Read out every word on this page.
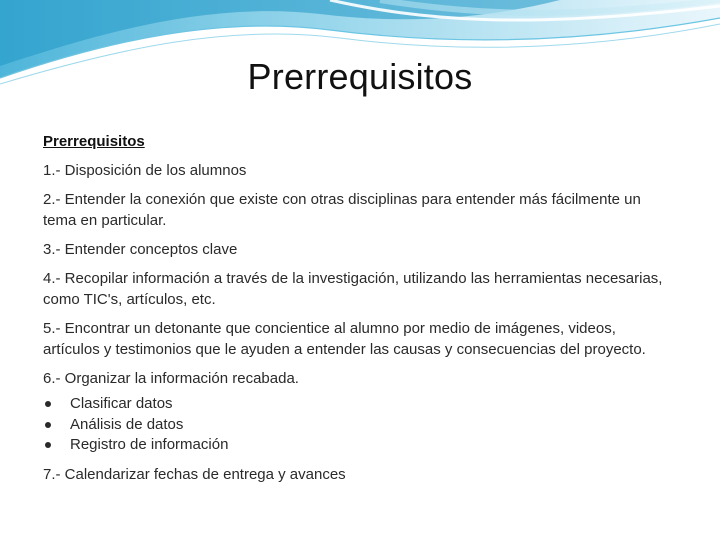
Prerrequisitos
Prerrequisitos
1.- Disposición de los alumnos
2.- Entender la conexión que existe con otras disciplinas para entender más fácilmente un tema en particular.
3.- Entender conceptos clave
4.- Recopilar información a través de la investigación, utilizando las herramientas necesarias, como TIC's, artículos, etc.
5.- Encontrar un detonante que concientice al alumno por medio de imágenes, videos, artículos y testimonios que le ayuden a entender las causas y consecuencias del proyecto.
6.- Organizar la información recabada.
Clasificar datos
Análisis de datos
Registro de información
7.- Calendarizar fechas de entrega y avances
